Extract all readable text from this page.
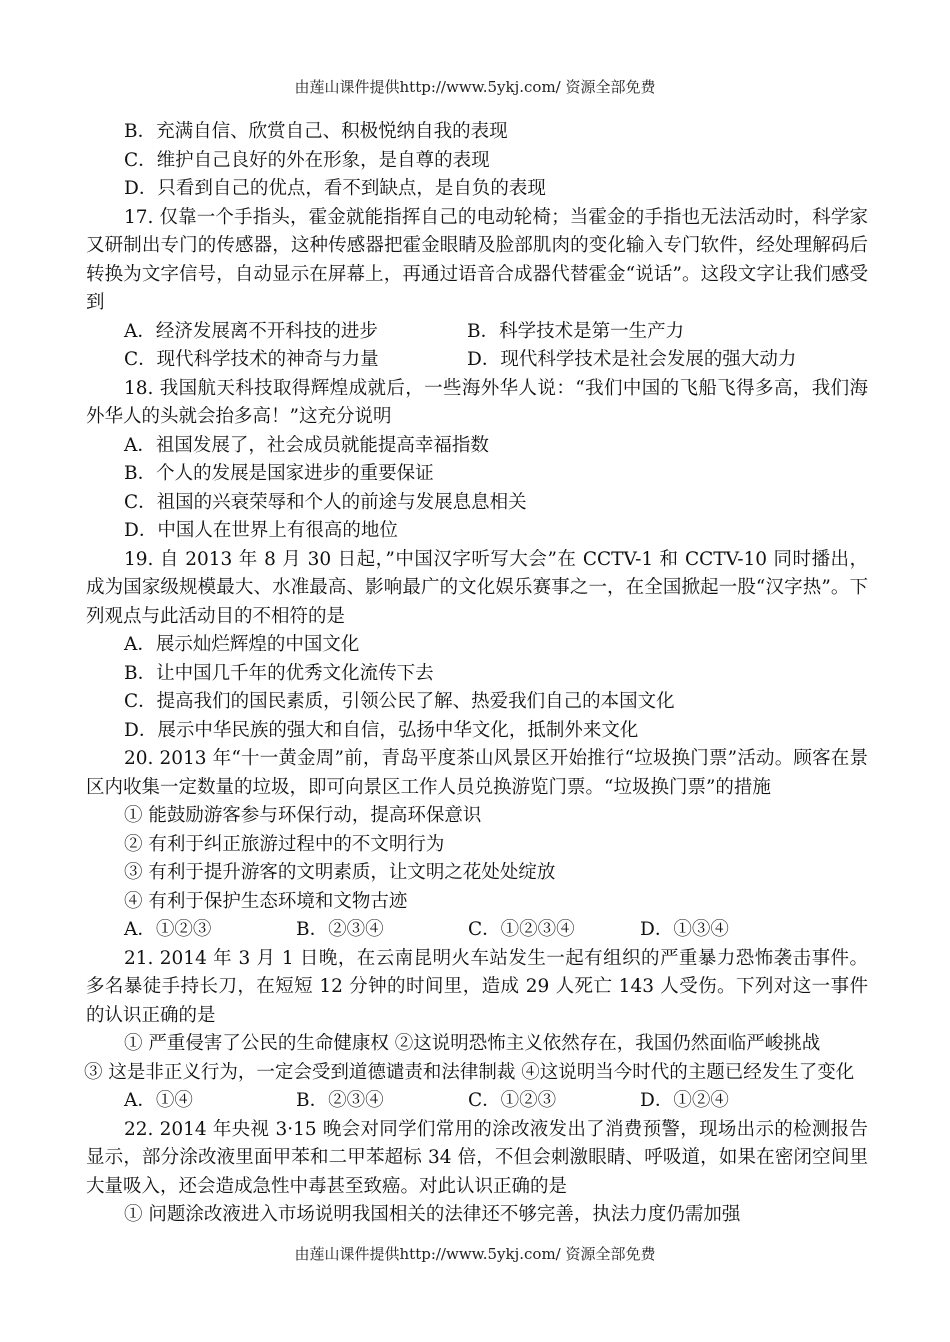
由莲山课件提供http://www.5ykj.com/ 资源全部免费
B．充满自信、欣赏自己、积极悦纳自我的表现
C．维护自己良好的外在形象，是自尊的表现
D．只看到自己的优点，看不到缺点，是自负的表现
17. 仅靠一个手指头，霍金就能指挥自己的电动轮椅；当霍金的手指也无法活动时，科学家又研制出专门的传感器，这种传感器把霍金眼睛及脸部肌肉的变化输入专门软件，经处理解码后转换为文字信号，自动显示在屏幕上，再通过语音合成器代替霍金“说话”。这段文字让我们感受到
A．经济发展离不开科技的进步	B．科学技术是第一生产力
C．现代科学技术的神奇与力量	D．现代科学技术是社会发展的强大动力
18. 我国航天科技取得辉煌成就后，一些海外华人说：“我们中国的飞船飞得多高，我们海外华人的头就会抬多高！”这充分说明
A．祖国发展了，社会成员就能提高幸福指数
B．个人的发展是国家进步的重要保证
C．祖国的兴衰荣辱和个人的前途与发展息息相关
D．中国人在世界上有很高的地位
19. 自 2013 年 8 月 30 日起，”中国汉字听写大会”在 CCTV-1 和 CCTV-10 同时播出，成为国家级规模最大、水准最高、影响最广的文化娱乐赛事之一，在全国掀起一股“汉字热”。下列观点与此活动目的不相符的是
A．展示灿烂辉煌的中国文化
B．让中国几千年的优秀文化流传下去
C．提高我们的国民素质，引领公民了解、热爱我们自己的本国文化
D．展示中华民族的强大和自信，弘扬中华文化，抵制外来文化
20. 2013 年“十一黄金周”前，青岛平度茶山风景区开始推行“垃圾换门票”活动。顾客在景区内收集一定数量的垃圾，即可向景区工作人员兑换游览门票。“垃圾换门票”的措施
① 能鼓励游客参与环保行动，提高环保意识
② 有利于纠正旅游过程中的不文明行为
③ 有利于提升游客的文明素质，让文明之花处处绽放
④ 有利于保护生态环境和文物古迹
A．①②③	B．②③④	C．①②③④	D．①③④
21. 2014 年 3 月 1 日晚，在云南昆明火车站发生一起有组织的严重暴力恐怖袭击事件。多名暴徒手持长刀，在短短 12 分钟的时间里，造成 29 人死亡 143 人受伤。下列对这一事件的认识正确的是
① 严重侵害了公民的生命健康权 ②这说明恐怖主义依然存在，我国仍然面临严峻挑战
③ 这是非正义行为，一定会受到道德谴责和法律制裁 ④这说明当今时代的主题已经发生了变化
A．①④	B．②③④	C．①②③	D．①②④
22. 2014 年央视 3·15 晚会对同学们常用的涂改液发出了消费预警，现场出示的检测报告显示，部分涂改液里面甲苯和二甲苯超标 34 倍，不但会刺激眼睛、呼吸道，如果在密闭空间里大量吸入，还会造成急性中毒甚至致癌。对此认识正确的是
① 问题涂改液进入市场说明我国相关的法律还不够完善，执法力度仍需加强
由莲山课件提供http://www.5ykj.com/ 资源全部免费
